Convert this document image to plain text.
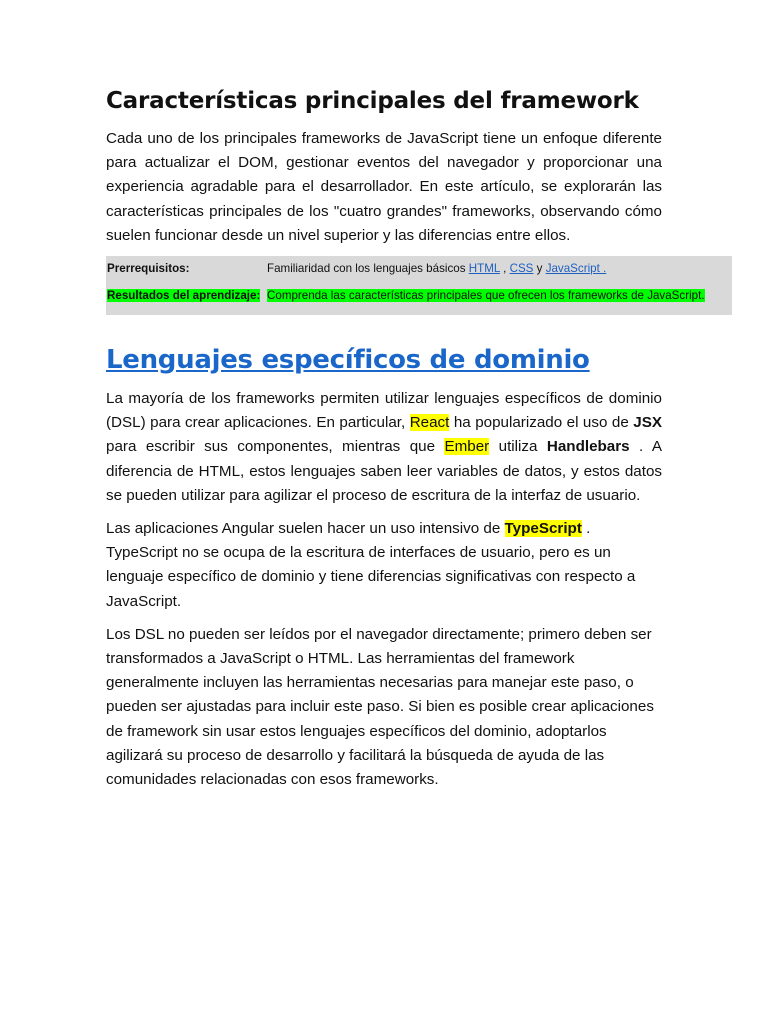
Características principales del framework

Cada uno de los principales frameworks de JavaScript tiene un enfoque diferente para actualizar el DOM, gestionar eventos del navegador y proporcionar una experiencia agradable para el desarrollador. En este artículo, se explorarán las características principales de los "cuatro grandes" frameworks, observando cómo suelen funcionar desde un nivel superior y las diferencias entre ellos.

Prerrequisitos:	Familiaridad con los lenguajes básicos HTML , CSS y JavaScript .
Resultados del aprendizaje:	Comprenda las características principales que ofrecen los frameworks de JavaScript.
Lenguajes específicos de dominio

La mayoría de los frameworks permiten utilizar lenguajes específicos de dominio (DSL) para crear aplicaciones. En particular, React ha popularizado el uso de JSX para escribir sus componentes, mientras que Ember utiliza Handlebars . A diferencia de HTML, estos lenguajes saben leer variables de datos, y estos datos se pueden utilizar para agilizar el proceso de escritura de la interfaz de usuario.

Las aplicaciones Angular suelen hacer un uso intensivo de TypeScript . TypeScript no se ocupa de la escritura de interfaces de usuario, pero es un lenguaje específico de dominio y tiene diferencias significativas con respecto a JavaScript.

Los DSL no pueden ser leídos por el navegador directamente; primero deben ser transformados a JavaScript o HTML. Las herramientas del framework generalmente incluyen las herramientas necesarias para manejar este paso, o pueden ser ajustadas para incluir este paso. Si bien es posible crear aplicaciones de framework sin usar estos lenguajes específicos del dominio, adoptarlos agilizará su proceso de desarrollo y facilitará la búsqueda de ayuda de las comunidades relacionadas con esos frameworks.
